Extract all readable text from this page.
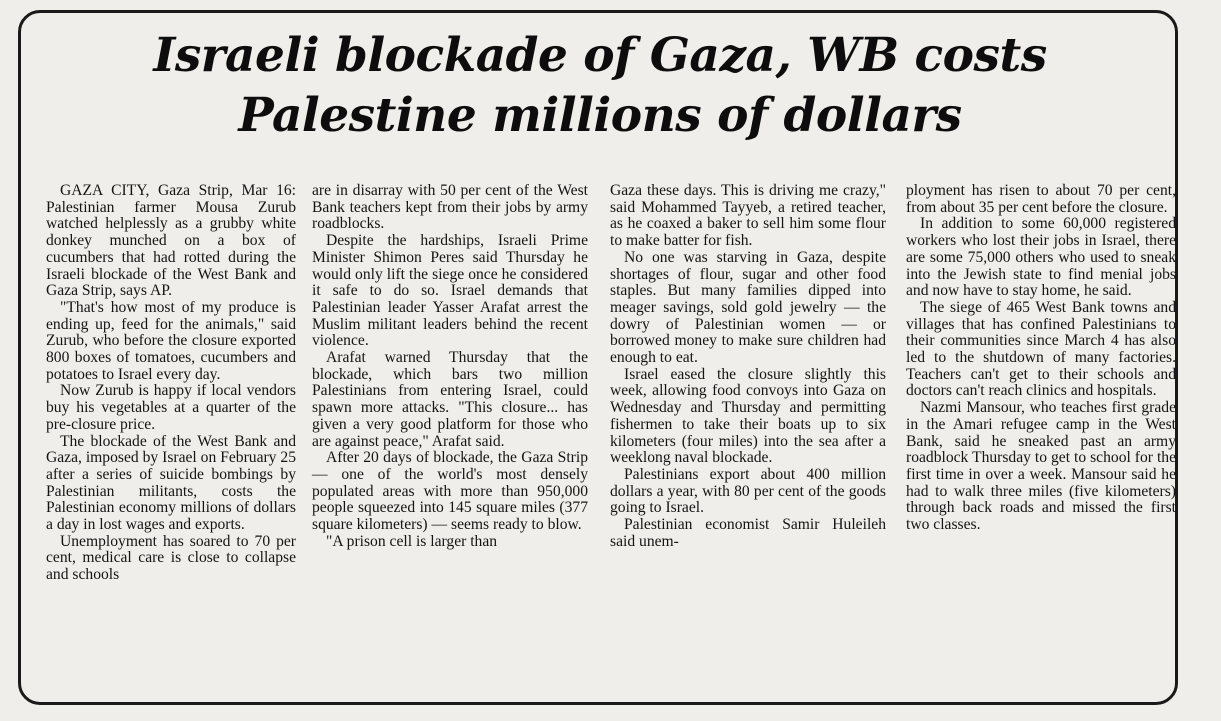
Israeli blockade of Gaza, WB costs
Palestine millions of dollars

GAZA CITY, Gaza Strip, Mar 16: Palestinian farmer Mousa Zurub watched helplessly as a grubby white donkey munched on a box of cucumbers that had rotted during the Israeli blockade of the West Bank and Gaza Strip, says AP.

"That's how most of my produce is ending up, feed for the animals," said Zurub, who before the closure exported 800 boxes of tomatoes, cucumbers and potatoes to Israel every day.

Now Zurub is happy if local vendors buy his vegetables at a quarter of the pre-closure price.

The blockade of the West Bank and Gaza, imposed by Israel on February 25 after a series of suicide bombings by Palestinian militants, costs the Palestinian economy millions of dollars a day in lost wages and exports.

Unemployment has soared to 70 per cent, medical care is close to collapse and schools

are in disarray with 50 per cent of the West Bank teachers kept from their jobs by army roadblocks.

Despite the hardships, Israeli Prime Minister Shimon Peres said Thursday he would only lift the siege once he considered it safe to do so. Israel demands that Palestinian leader Yasser Arafat arrest the Muslim militant leaders behind the recent violence.

Arafat warned Thursday that the blockade, which bars two million Palestinians from entering Israel, could spawn more attacks. "This closure... has given a very good platform for those who are against peace," Arafat said.

After 20 days of blockade, the Gaza Strip — one of the world's most densely populated areas with more than 950,000 people squeezed into 145 square miles (377 square kilometers) — seems ready to blow.

"A prison cell is larger than

Gaza these days. This is driving me crazy," said Mohammed Tayyeb, a retired teacher, as he coaxed a baker to sell him some flour to make batter for fish.

No one was starving in Gaza, despite shortages of flour, sugar and other food staples. But many families dipped into meager savings, sold gold jewelry — the dowry of Palestinian women — or borrowed money to make sure children had enough to eat.

Israel eased the closure slightly this week, allowing food convoys into Gaza on Wednesday and Thursday and permitting fishermen to take their boats up to six kilometers (four miles) into the sea after a weeklong naval blockade.

Palestinians export about 400 million dollars a year, with 80 per cent of the goods going to Israel.

Palestinian economist Samir Huleileh said unem-

ployment has risen to about 70 per cent, from about 35 per cent before the closure.

In addition to some 60,000 registered workers who lost their jobs in Israel, there are some 75,000 others who used to sneak into the Jewish state to find menial jobs and now have to stay home, he said.

The siege of 465 West Bank towns and villages that has confined Palestinians to their communities since March 4 has also led to the shutdown of many factories. Teachers can't get to their schools and doctors can't reach clinics and hospitals.

Nazmi Mansour, who teaches first grade in the Amari refugee camp in the West Bank, said he sneaked past an army roadblock Thursday to get to school for the first time in over a week. Mansour said he had to walk three miles (five kilometers) through back roads and missed the first two classes.
